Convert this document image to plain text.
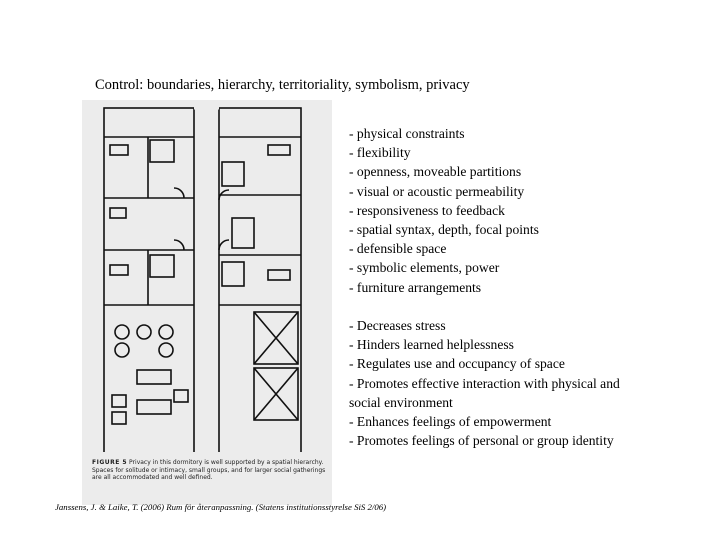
Control: boundaries, hierarchy, territoriality, symbolism, privacy
FIGURE 5 Privacy in this dormitory is well supported by a spatial hierarchy. Spaces for solitude or intimacy, small groups, and for larger social gatherings are all accommodated and well defined.
- physical constraints
- flexibility
- openness, moveable partitions
- visual or acoustic permeability
- responsiveness to feedback
- spatial syntax, depth, focal points
- defensible space
- symbolic elements, power
- furniture arrangements
- Decreases stress
- Hinders learned helplessness
- Regulates use and occupancy of space
- Promotes effective interaction with physical and social environment
- Enhances feelings of empowerment
- Promotes feelings of personal or group identity
Janssens, J. & Laike, T. (2006) Rum för återanpassning. (Statens institutionsstyrelse SiS 2/06)
